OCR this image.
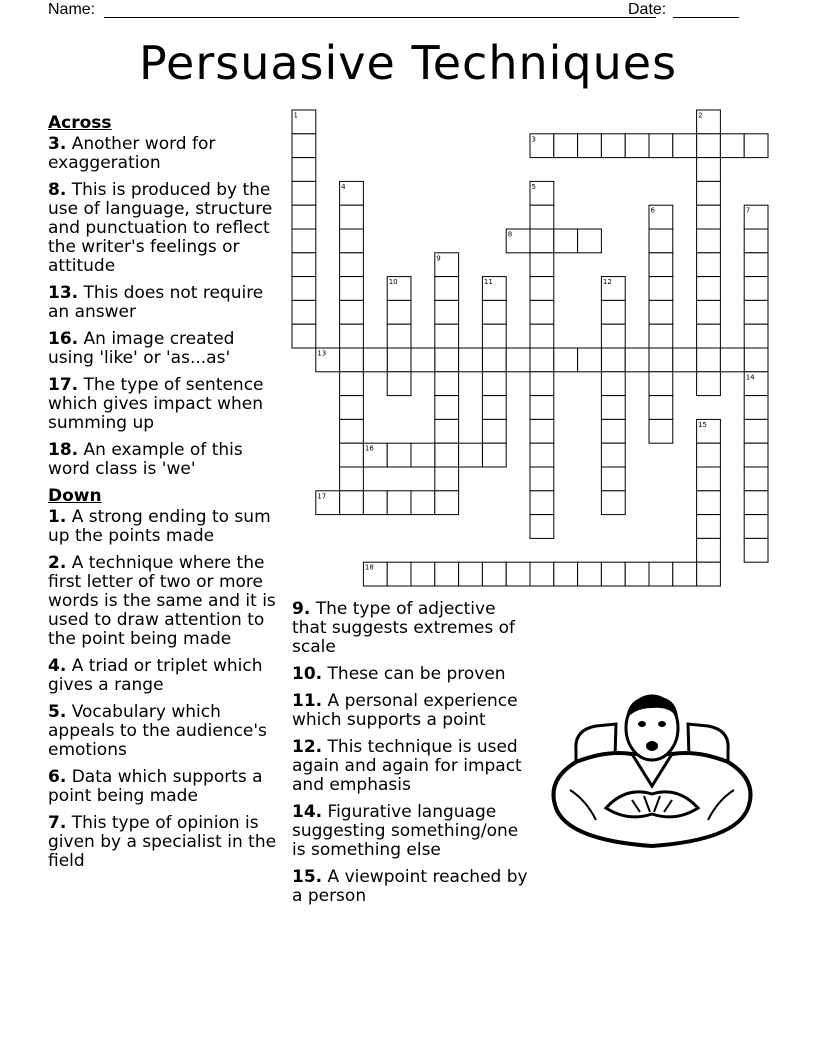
Name:	Date:
Persuasive Techniques
Across
3. Another word for exaggeration
8. This is produced by the use of language, structure and punctuation to reflect the writer's feelings or attitude
13. This does not require an answer
16. An image created using 'like' or 'as...as'
17. The type of sentence which gives impact when summing up
18. An example of this word class is 'we'
Down
1. A strong ending to sum up the points made
2. A technique where the first letter of two or more words is the same and it is used to draw attention to the point being made
4. A triad or triplet which gives a range
5. Vocabulary which appeals to the audience's emotions
6. Data which supports a point being made
7. This type of opinion is given by a specialist in the field
9. The type of adjective that suggests extremes of scale
10. These can be proven
11. A personal experience which supports a point
12. This technique is used again and again for impact and emphasis
14. Figurative language suggesting something/one is something else
15. A viewpoint reached by a person
1	2
3
4	5
6	7
14
8
9
10	11	12
13
15
16
17
18
